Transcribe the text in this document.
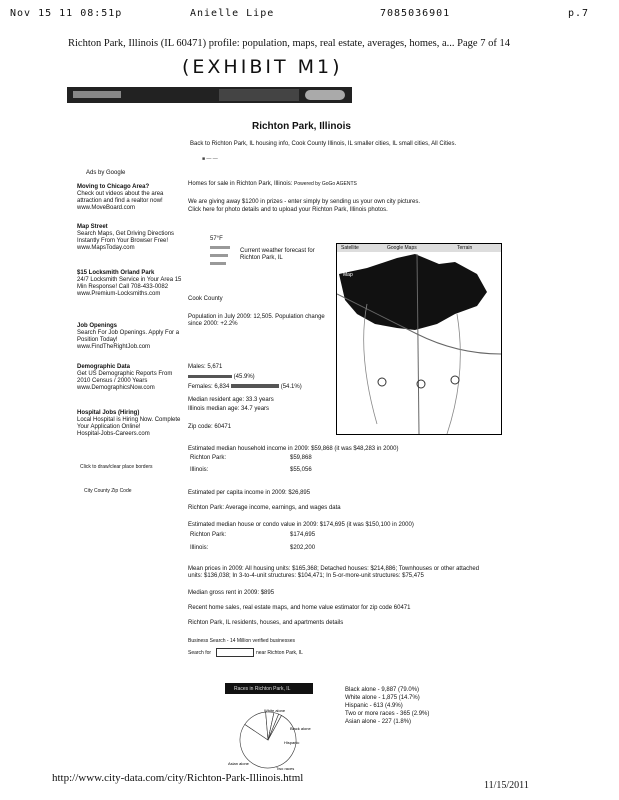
Nov 15 11 08:51p	Anielle Lipe	7085036901	p.7
Richton Park, Illinois (IL 60471) profile: population, maps, real estate, averages, homes, a... Page 7 of 14
(EXHIBIT M1)
Richton Park, Illinois
Back to Richton Park, IL housing info, Cook County Illinois, IL smaller cities, IL small cities, All Cities.
■ — —
Ads by Google
Moving to Chicago Area?
Check out videos about the area attraction and find a realtor now!
www.MoveBoard.com
Map Street
Search Maps, Get Driving Directions Instantly From Your Browser Free!
www.MapsToday.com
$15 Locksmith Orland Park
24/7 Locksmith Service in Your Area 15 Min Response! Call 708-433-0082
www.Premium-Locksmiths.com
Job Openings
Search For Job Openings. Apply For a Position Today!
www.FindTheRightJob.com
Demographic Data
Get US Demographic Reports From 2010 Census / 2000 Years
www.DemographicsNow.com
Hospital Jobs (Hiring)
Local Hospital is Hiring Now. Complete Your Application Online!
Hospital-Jobs-Careers.com
Click to draw/clear place borders
City County Zip Code
Homes for sale in Richton Park, Illinois: Powered by GoGo AGENTS
We are giving away $1200 in prizes - enter simply by sending us your own city pictures.
Click here for photo details and to upload your Richton Park, Illinois photos.
57°F
Current weather forecast for Richton Park, IL
Cook County
Population in July 2009: 12,505. Population change since 2000: +2.2%
Males: 5,671
(45.9%)
Females: 6,834	(54.1%)
Median resident age: 33.3 years
Illinois median age: 34.7 years
Zip code: 60471
Satellite	Google Maps
Map
Terrain
Estimated median household income in 2009: $59,868 (it was $48,283 in 2000)
Richton Park:	$59,868
Illinois:	$55,056
Estimated per capita income in 2009: $26,895
Richton Park: Average income, earnings, and wages data
Estimated median house or condo value in 2009: $174,695 (it was $150,100 in 2000)
Richton Park:	$174,695
Illinois:	$202,200
Mean prices in 2009: All housing units: $165,368; Detached houses: $214,886; Townhouses or other attached units: $136,038; In 3-to-4-unit structures: $104,471; In 5-or-more-unit structures: $75,475
Median gross rent in 2009: $895
Recent home sales, real estate maps, and home value estimator for zip code 60471
Richton Park, IL residents, houses, and apartments details
Business Search - 14 Million verified businesses
Search for	near Richton Park, IL
Races in Richton Park, IL
White alone
Black alone
Hispanic
Asian alone
Two races
Black alone - 9,887 (79.0%)
White alone - 1,875 (14.7%)
Hispanic - 613 (4.9%)
Two or more races - 365 (2.9%)
Asian alone - 227 (1.8%)
http://www.city-data.com/city/Richton-Park-Illinois.html
11/15/2011
